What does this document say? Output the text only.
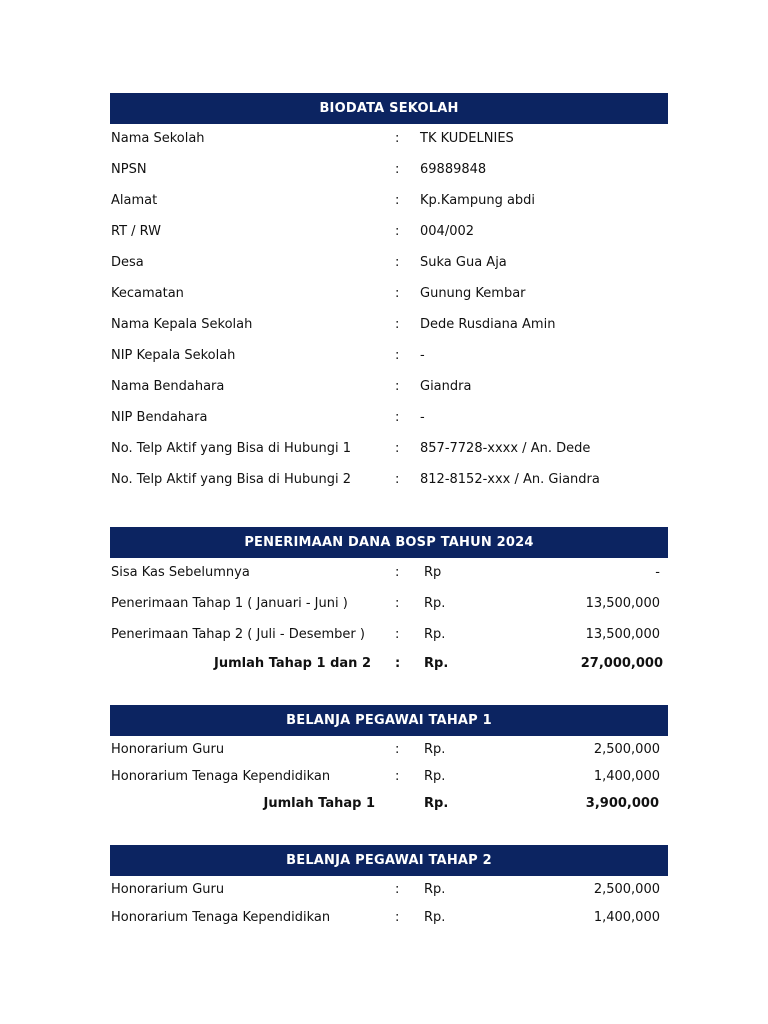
BIODATA SEKOLAH
Nama Sekolah	: TK KUDELNIES
NPSN	: 69889848
Alamat	: Kp.Kampung abdi
RT / RW	: 004/002
Desa	: Suka Gua Aja
Kecamatan	: Gunung Kembar
Nama Kepala Sekolah	: Dede Rusdiana Amin
NIP Kepala Sekolah	: -
Nama Bendahara	: Giandra
NIP Bendahara	: -
No. Telp Aktif yang Bisa di Hubungi 1	: 857-7728-xxxx / An. Dede
No. Telp Aktif yang Bisa di Hubungi 2	: 812-8152-xxx / An. Giandra
PENERIMAAN DANA BOSP TAHUN 2024
Sisa Kas Sebelumnya	: Rp	-
Penerimaan Tahap 1 ( Januari - Juni )	: Rp.	13,500,000
Penerimaan Tahap 2 ( Juli - Desember ) : Rp.	13,500,000
Jumlah Tahap 1 dan 2 : Rp.	27,000,000
BELANJA PEGAWAI TAHAP 1
Honorarium Guru	: Rp.	2,500,000
Honorarium Tenaga Kependidikan	: Rp.	1,400,000
Jumlah Tahap 1	Rp.	3,900,000
BELANJA PEGAWAI TAHAP 2
Honorarium Guru	: Rp.	2,500,000
Honorarium Tenaga Kependidikan	: Rp.	1,400,000
